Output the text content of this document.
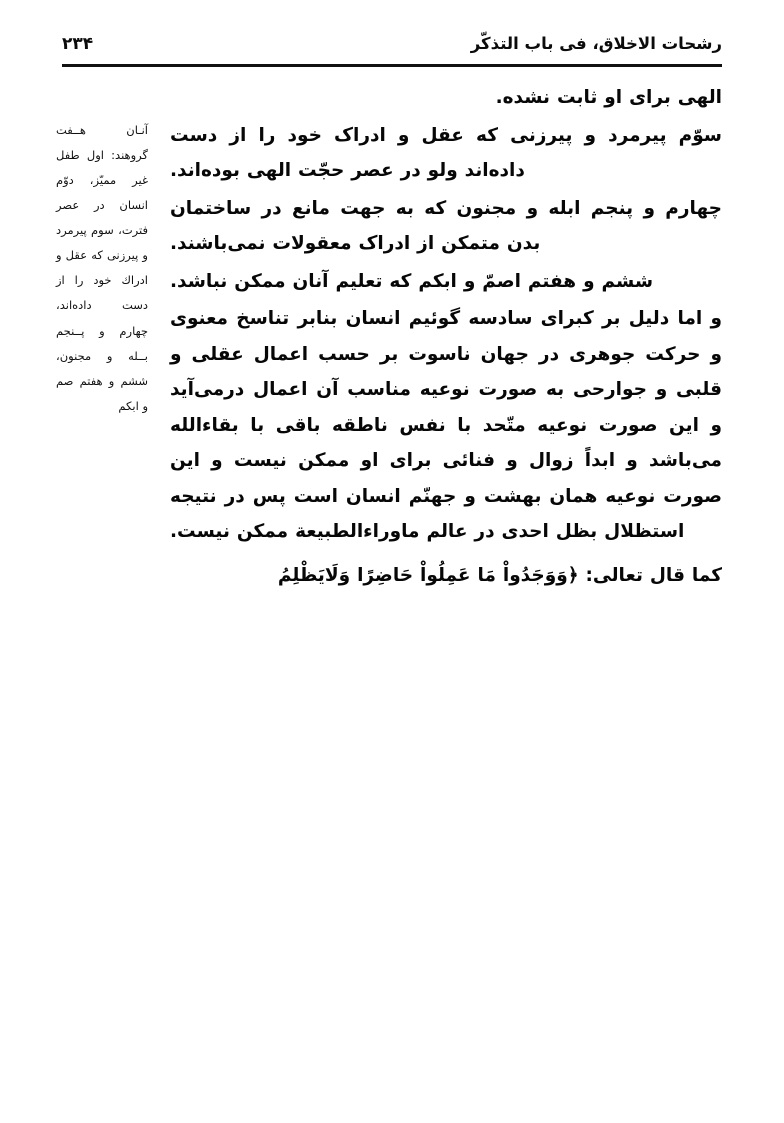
رشحات الاخلاق، فی باب التذکّر
۲۳۴

الهی برای او ثابت نشده.

سوّم پیرمرد و پیرزنی که عقل و ادراک خود را از دست داده‌اند ولو در عصر حجّت الهی بوده‌اند.

چهارم و پنجم ابله و مجنون که به جهت مانع در ساختمان بدن متمکن از ادراک معقولات نمی‌باشند.

ششم و هفتم اصمّ و ابکم که تعلیم آنان ممکن نباشد.

و اما دلیل بر کبرای سادسه گوئیم انسان بنابر تناسخ معنوی و حرکت جوهری در جهان ناسوت بر حسب اعمال عقلی و قلبی و جوارحی به صورت نوعیه مناسب آن اعمال درمی‌آید و این صورت نوعیه متّحد با نفس ناطقه باقی با بقاءالله می‌باشد و ابداً زوال و فنائی برای او ممکن نیست و این صورت نوعیه همان بهشت و جهنّم انسان است پس در نتیجه استظلال بظل احدی در عالم ماوراءالطبیعة ممکن نیست.

کما قال تعالی: ﴿وَوَجَدُواْ مَا عَمِلُواْ حَاضِرًا وَلَایَظْلِمُ

آنـان هــفت گروهند: اول طفل غیر ممیّز، دوّم انسان در عصر فترت، سوم پیرمرد و پیرزنی که عقل و ادراك خود را از دست داده‌اند، چهارم و پــنجم بــله و مجنون، ششم و هفتم صم و ابکم
